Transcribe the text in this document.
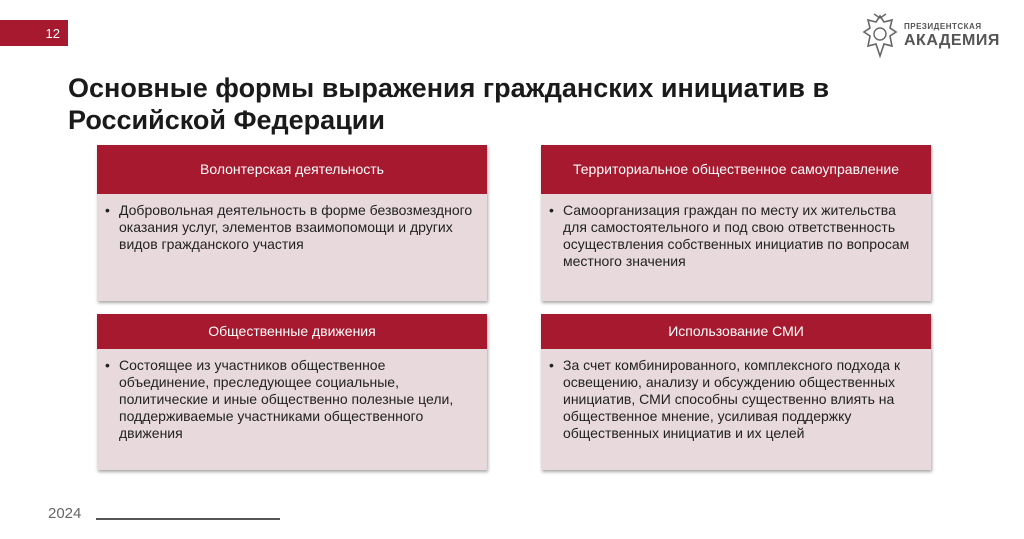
12	ПРЕЗИДЕНТСКАЯ
АКАДЕМИЯ
Основные формы выражения гражданских инициатив в Российской Федерации
Волонтерская деятельность
• Добровольная деятельность в форме безвозмездного оказания услуг, элементов взаимопомощи и других видов гражданского участия
Территориальное общественное самоуправление
• Самоорганизация граждан по месту их жительства для самостоятельного и под свою ответственность осуществления собственных инициатив по вопросам местного значения
Общественные движения
• Состоящее из участников общественное объединение, преследующее социальные, политические и иные общественно полезные цели, поддерживаемые участниками общественного движения
Использование СМИ
• За счет комбинированного, комплексного подхода к освещению, анализу и обсуждению общественных инициатив, СМИ способны существенно влиять на общественное мнение, усиливая поддержку общественных инициатив и их целей
2024
